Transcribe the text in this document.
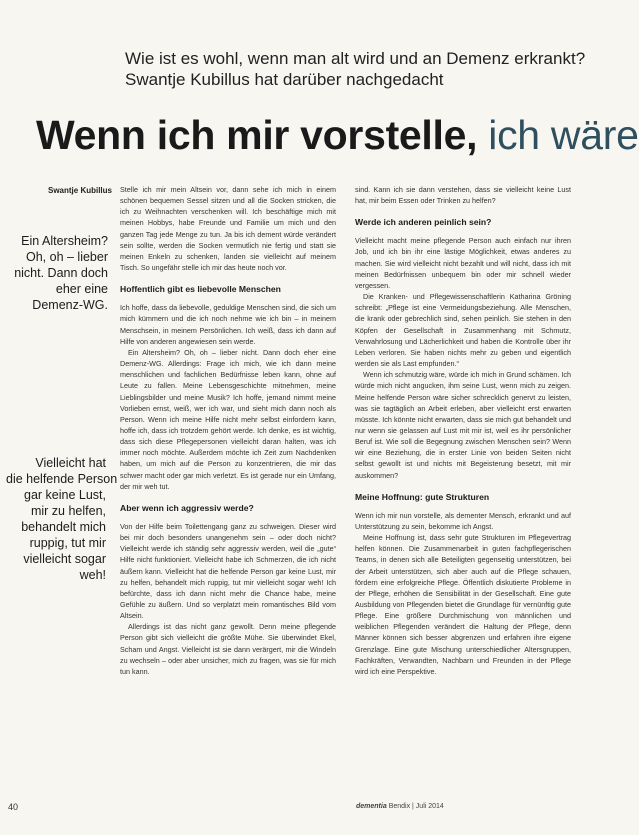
Wie ist es wohl, wenn man alt wird und an Demenz erkrankt?
Swantje Kubillus hat darüber nachgedacht
Wenn ich mir vorstelle, ich wäre
Swantje Kubillus
Ein Altersheim?
Oh, oh – lieber
nicht. Dann doch
eher eine
Demenz-WG.
Vielleicht hat
die helfende Person
gar keine Lust,
mir zu helfen,
behandelt mich
ruppig, tut mir
vielleicht sogar
weh!

Stelle ich mir mein Altsein vor, dann sehe ich mich in einem schönen bequemen Sessel sitzen und all die Socken stricken, die ich zu Weihnachten verschenken will. Ich beschäftige mich mit meinen Hobbys, habe Freunde und Familie um mich und den ganzen Tag jede Menge zu tun. Ja bis ich dement würde verändert sein sollte, werden die Socken vermutlich nie fertig und statt sie meinen Enkeln zu schenken, landen sie vielleicht auf meinem Tisch. So ungefähr stelle ich mir das heute noch vor.

Hoffentlich gibt es liebevolle Menschen

Ich hoffe, dass da liebevolle, geduldige Menschen sind, die sich um mich kümmern und die ich noch nehme wie ich bin – in meinem Menschsein, in meinem Persönlichen. Ich weiß, dass ich dann auf Hilfe von anderen angewiesen sein werde.

Ein Altersheim? Oh, oh – lieber nicht. Dann doch eher eine Demenz-WG. Allerdings: Frage ich mich, wie ich dann meine menschlichen und fachlichen Bedürfnisse leben kann, ohne auf Leute zu fallen. Meine Lebensgeschichte mitnehmen, meine Lieblingsbilder und meine Musik? Ich hoffe, jemand nimmt meine Vorlieben ernst, weiß, wer ich war, und sieht mich dann noch als Person. Wenn ich meine Hilfe nicht mehr selbst einfordern kann, hoffe ich, dass ich trotzdem gehört werde. Ich denke, es ist wichtig, dass sich diese Pflegepersonen vielleicht daran halten, was ich immer noch möchte. Außerdem möchte ich Zeit zum Nachdenken haben, um mich auf die Person zu konzentrieren, die mir das schwer macht oder gar mich verletzt. Es ist gerade nur ein Umfang, der mir weh tut.

Aber wenn ich aggressiv werde?

Von der Hilfe beim Toilettengang ganz zu schweigen. Dieser wird bei mir doch besonders unangenehm sein – oder doch nicht? Vielleicht werde ich ständig sehr aggressiv werden, weil die „gute“ Hilfe nicht funktioniert. Vielleicht habe ich Schmerzen, die ich nicht äußern kann. Vielleicht hat die helfende Person gar keine Lust, mir zu helfen, behandelt mich ruppig, tut mir vielleicht sogar weh! Ich befürchte, dass ich dann nicht mehr die Chance habe, meine Gefühle zu äußern. Und so verplatzt mein romantisches Bild vom Altsein.

Allerdings ist das nicht ganz gewollt. Denn meine pflegende Person gibt sich vielleicht die größte Mühe. Sie überwindet Ekel, Scham und Angst. Vielleicht ist sie dann verärgert, mir die Windeln zu wechseln – oder aber unsicher, mich zu fragen, was sie für mich tun kann.

sind. Kann ich sie dann verstehen, dass sie vielleicht keine Lust hat, mir beim Essen oder Trinken zu helfen?

Werde ich anderen peinlich sein?

Vielleicht macht meine pflegende Person auch einfach nur ihren Job, und ich bin ihr eine lästige Möglichkeit, etwas anderes zu machen. Sie wird vielleicht nicht bezahlt und will nicht, dass ich mit meinen Bedürfnissen unbequem bin oder mir schnell wieder vergessen.

Die Kranken- und Pflegewissenschaftlerin Katharina Gröning schreibt: „Pflege ist eine Vermeidungsbeziehung. Alle Menschen, die krank oder gebrechlich sind, sehen peinlich. Sie stehen in den Köpfen der Gesellschaft in Zusammenhang mit Schmutz, Verwahrlosung und Lächerlichkeit und haben die Kontrolle über ihr Leben verloren. Sie haben nichts mehr zu geben und eigentlich werden sie als Last empfunden.“

Wenn ich schmutzig wäre, würde ich mich in Grund schämen. Ich würde mich nicht angucken, ihm seine Lust, wenn mich zu zeigen. Meine helfende Person wäre sicher schrecklich genervt zu leisten, was sie tagtäglich an Arbeit erleben, aber vielleicht erst erwarten müsste. Ich könnte nicht erwarten, dass sie mich gut behandelt und nur wenn sie gelassen auf Lust mit mir ist, weil es ihr persönlicher Beruf ist. Wie soll die Begegnung zwischen Menschen sein? Wenn wir eine Beziehung, die in erster Linie von beiden Seiten nicht selbst gewollt ist und nichts mit Begeisterung besetzt, mit mir auskommen?

Meine Hoffnung: gute Strukturen

Wenn ich mir nun vorstelle, als dementer Mensch, erkrankt und auf Unterstützung zu sein, bekomme ich Angst.

Meine Hoffnung ist, dass sehr gute Strukturen im Pflegevertrag helfen können. Die Zusammenarbeit in guten fachpflegerischen Teams, in denen sich alle Beteiligten gegenseitig unterstützen, bei der Arbeit unterstützen, sich aber auch auf die Pflege schauen, fördern eine erfolgreiche Pflege. Öffentlich diskutierte Probleme in der Pflege, erhöhen die Sensibilität in der Gesellschaft. Eine gute Ausbildung von Pflegenden bietet die Grundlage für vernünftig gute Pflege. Eine größere Durchmischung von männlichen und weiblichen Pflegenden verändert die Haltung der Pflege, denn Männer können sich besser abgrenzen und erfahren ihre eigene Grenzlage. Eine gute Mischung unterschiedlicher Altersgruppen, Fachkräften, Verwandten, Nachbarn und Freunden in der Pflege wird ich eine Perspektive.

40	dementia Bendix | Juli 2014
